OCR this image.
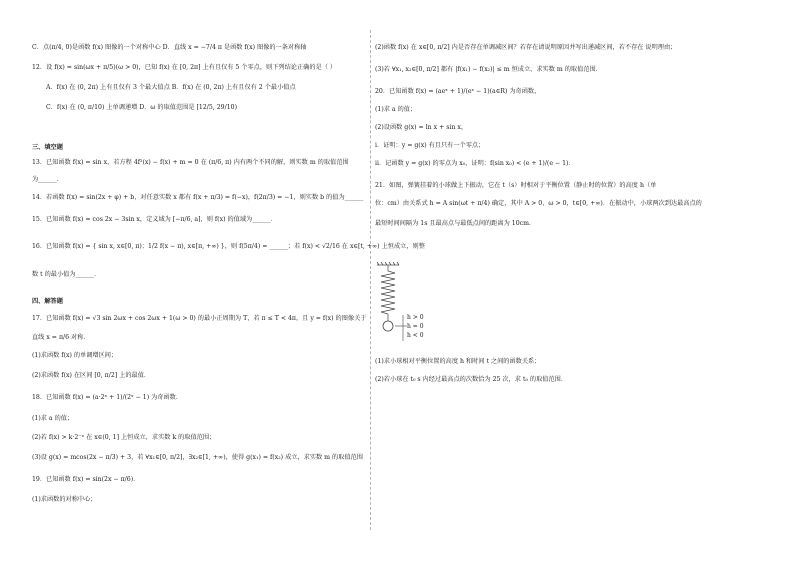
C．点(π/4, 0)是函数 f(x) 图像的一个对称中心 D．直线 x = −7/4 π 是函数 f(x) 图像的一条对称轴
12．设 f(x) = sin(ωx + π/5)(ω > 0)，已知 f(x) 在 [0, 2π] 上有且仅有 5 个零点，则下列结论正确的是（ ）
A．f(x) 在 (0, 2π) 上有且仅有 3 个最大值点 B．f(x) 在 (0, 2π) 上有且仅有 2 个最小值点
C．f(x) 在 (0, π/10) 上单调递增 D．ω 的取值范围是 [12/5, 29/10)
三、填空题
13．已知函数 f(x) = sin x，若方程 4f²(x) − f(x) + m = 0 在 (π/6, π) 内有两个不同的解，则实数 m 的取值范围
为______．
14．若函数 f(x) = sin(2x + φ) + b，对任意实数 x 都有 f(x + π/3) = f(−x)，f(2π/3) = −1，则实数 b 的值为______
15．已知函数 f(x) = cos 2x − 3sin x，定义域为 [−π/6, a]，则 f(x) 的值域为______．
16．已知函数 f(x) = { sin x, x∈[0, π)；1/2 f(x − π), x∈[π, +∞) }，则 f(5π/4) = ______；若 f(x) < √2/16 在 x∈[t, +∞) 上恒成立，则整
数 t 的最小值为______．
四、解答题
17．已知函数 f(x) = √3 sin 2ωx + cos 2ωx + 1(ω > 0) 的最小正周期为 T，若 π ≤ T < 4π，且 y = f(x) 的图像关于
直线 x = π/6 对称．
(1)求函数 f(x) 的单调增区间；
(2)求函数 f(x) 在区间 [0, π/2] 上的最值．
18．已知函数 f(x) = (a·2ˣ + 1)/(2ˣ − 1) 为奇函数．
(1)求 a 的值；
(2)若 f(x) > k·2⁻ˣ 在 x∈(0, 1] 上恒成立，求实数 k 的取值范围；
(3)设 g(x) = mcos(2x − π/3) + 3，若 ∀x₁∈[0, π/2]，∃x₂∈[1, +∞)，使得 g(x₁) = f(x₂) 成立，求实数 m 的取值范围
19．已知函数 f(x) = sin(2x − π/6)．
(1)求函数的对称中心；
(2)函数 f(x) 在 x∈[0, π/2] 内是否存在单调减区间？若存在请说明原因并写出递减区间，若不存在 说明理由；
(3)若 ∀x₁, x₂∈[0, π/2] 都有 |f(x₁) − f(x₂)| ≤ m 恒成立，求实数 m 的取值范围．
20．已知函数 f(x) = (aeˣ + 1)/(eˣ − 1)(a∈R) 为奇函数，
(1)求 a 的值；
(2)设函数 g(x) = ln x + sin x，
i．证明：y = g(x) 有且只有一个零点；
ii．记函数 y = g(x) 的零点为 x₀，证明：f(sin x₀) < (e + 1)/(e − 1)．
21．如图，弹簧挂着的小球做上下振动，它在 t（s）时相对于平衡位置（静止时的位置）的高度 h（单
位：cm）由关系式 h = A sin(ωt + π/4) 确定，其中 A > 0，ω > 0，t∈[0, +∞)．在振动中，小球两次到达最高点的
最短时间间隔为 1s 且最高点与最低点间的距离为 10cm．
h > 0
h = 0
h < 0
(1)求小球相对平衡位置的高度 h 和时间 t 之间的函数关系；
(2)若小球在 t₀ s 内经过最高点的次数恰为 25 次，求 t₀ 的取值范围．
